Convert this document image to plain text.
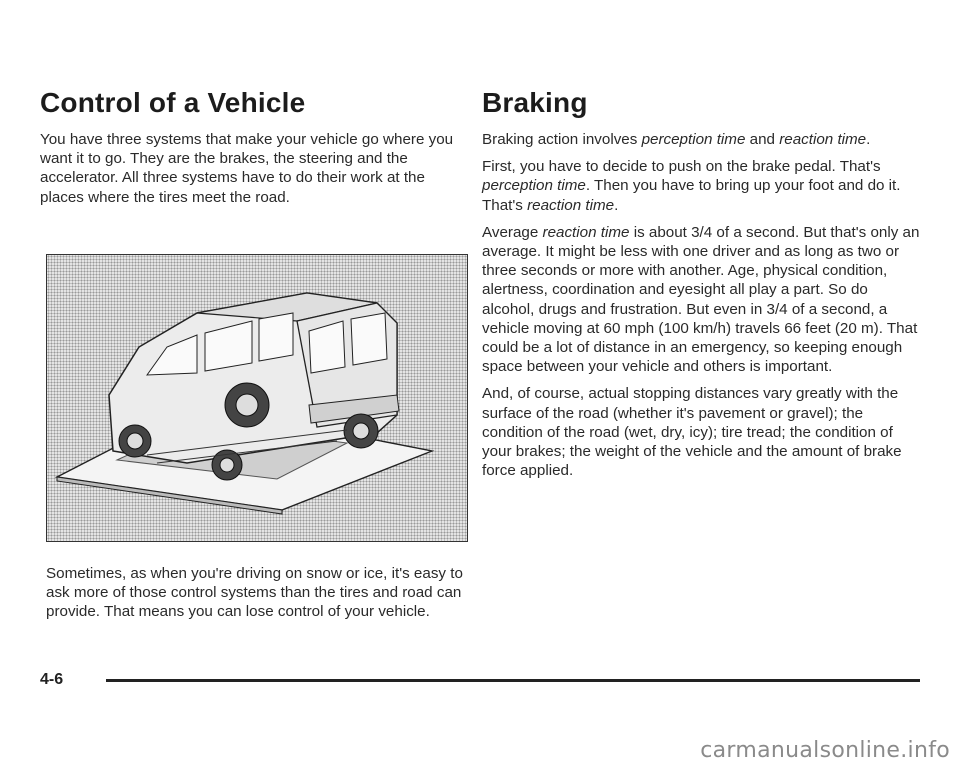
Control of a Vehicle

You have three systems that make your vehicle go where you want it to go. They are the brakes, the steering and the accelerator. All three systems have to do their work at the places where the tires meet the road.

Sometimes, as when you're driving on snow or ice, it's easy to ask more of those control systems than the tires and road can provide. That means you can lose control of your vehicle.

Braking

Braking action involves perception time and reaction time.

First, you have to decide to push on the brake pedal. That's perception time. Then you have to bring up your foot and do it. That's reaction time.

Average reaction time is about 3/4 of a second. But that's only an average. It might be less with one driver and as long as two or three seconds or more with another. Age, physical condition, alertness, coordination and eyesight all play a part. So do alcohol, drugs and frustration. But even in 3/4 of a second, a vehicle moving at 60 mph (100 km/h) travels 66 feet (20 m). That could be a lot of distance in an emergency, so keeping enough space between your vehicle and others is important.

And, of course, actual stopping distances vary greatly with the surface of the road (whether it's pavement or gravel); the condition of the road (wet, dry, icy); tire tread; the condition of your brakes; the weight of the vehicle and the amount of brake force applied.

4-6
carmanualsonline.info
